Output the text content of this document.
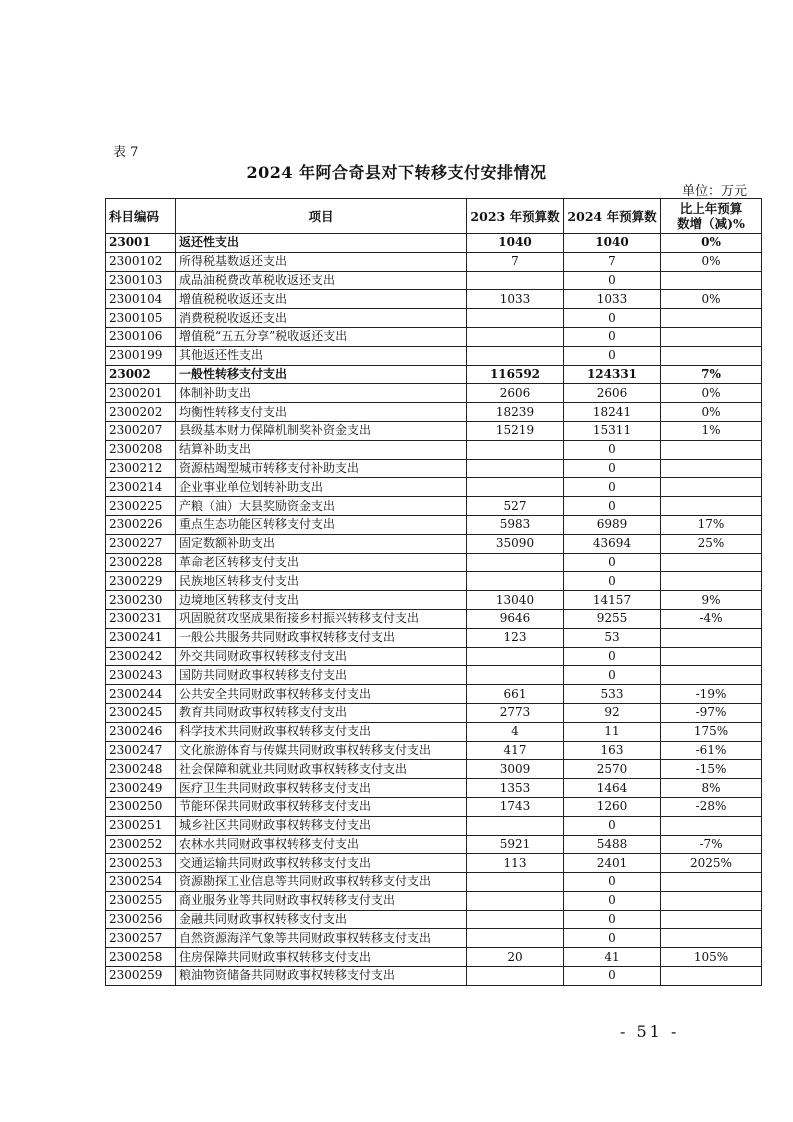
表 7
2024 年阿合奇县对下转移支付安排情况
单位：万元
科目编码	项目	2023 年预算数	2024 年预算数	比上年预算
数增（减)%

23001	返还性支出	1040	1040	0%
2300102	所得税基数返还支出	7	7	0%
2300103	成品油税费改革税收返还支出		0	
2300104	增值税税收返还支出	1033	1033	0%
2300105	消费税税收返还支出		0	
2300106	增值税“五五分享”税收返还支出		0	
2300199	其他返还性支出		0	
23002	一般性转移支付支出	116592	124331	7%
2300201	体制补助支出	2606	2606	0%
2300202	均衡性转移支付支出	18239	18241	0%
2300207	县级基本财力保障机制奖补资金支出	15219	15311	1%
2300208	结算补助支出		0	
2300212	资源枯竭型城市转移支付补助支出		0	
2300214	企业事业单位划转补助支出		0	
2300225	产粮（油）大县奖励资金支出	527	0	
2300226	重点生态功能区转移支付支出	5983	6989	17%
2300227	固定数额补助支出	35090	43694	25%
2300228	革命老区转移支付支出		0	
2300229	民族地区转移支付支出		0	
2300230	边境地区转移支付支出	13040	14157	9%
2300231	巩固脱贫攻坚成果衔接乡村振兴转移支付支出	9646	9255	-4%
2300241	一般公共服务共同财政事权转移支付支出	123	53	
2300242	外交共同财政事权转移支付支出		0	
2300243	国防共同财政事权转移支付支出		0	
2300244	公共安全共同财政事权转移支付支出	661	533	-19%
2300245	教育共同财政事权转移支付支出	2773	92	-97%
2300246	科学技术共同财政事权转移支付支出	4	11	175%
2300247	文化旅游体育与传媒共同财政事权转移支付支出	417	163	-61%
2300248	社会保障和就业共同财政事权转移支付支出	3009	2570	-15%
2300249	医疗卫生共同财政事权转移支付支出	1353	1464	8%
2300250	节能环保共同财政事权转移支付支出	1743	1260	-28%
2300251	城乡社区共同财政事权转移支付支出		0	
2300252	农林水共同财政事权转移支付支出	5921	5488	-7%
2300253	交通运输共同财政事权转移支付支出	113	2401	2025%
2300254	资源勘探工业信息等共同财政事权转移支付支出		0	
2300255	商业服务业等共同财政事权转移支付支出		0	
2300256	金融共同财政事权转移支付支出		0	
2300257	自然资源海洋气象等共同财政事权转移支付支出		0	
2300258	住房保障共同财政事权转移支付支出	20	41	105%
2300259	粮油物资储备共同财政事权转移支付支出		0	
- 51 -
